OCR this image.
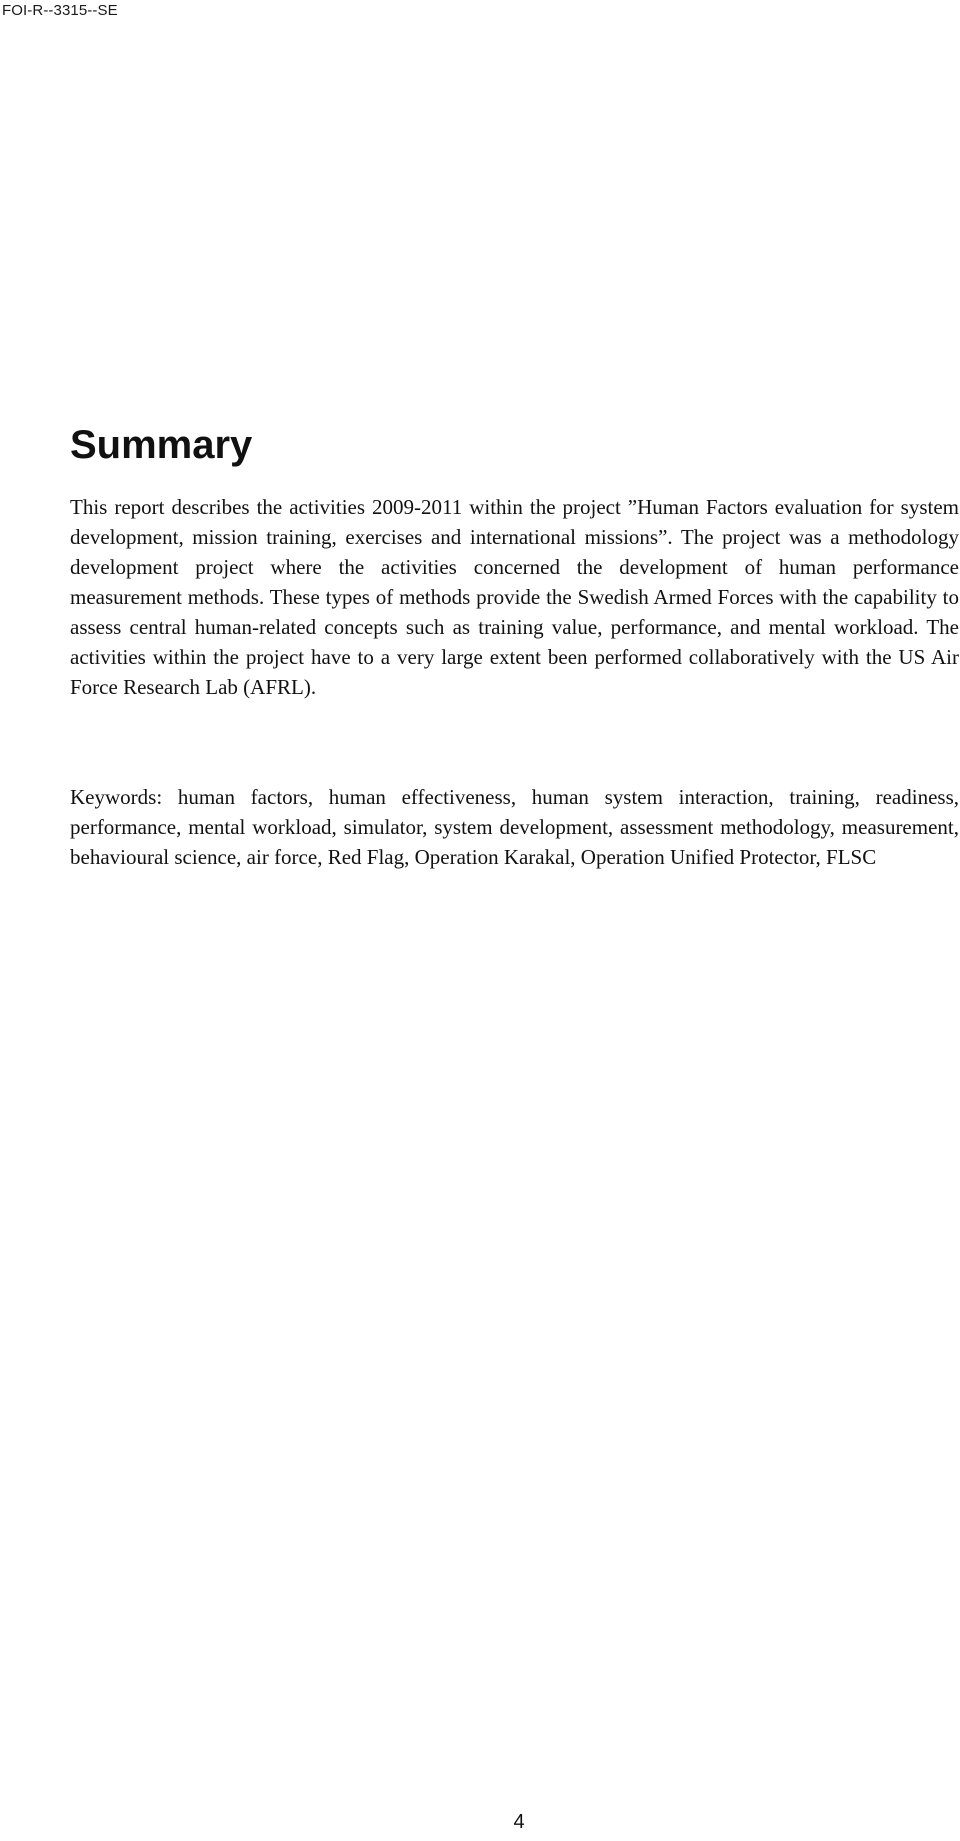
FOI-R--3315--SE
Summary

This report describes the activities 2009-2011 within the project ”Human Factors evaluation for system development, mission training, exercises and international missions”. The project was a methodology development project where the activities concerned the development of human performance measurement methods. These types of methods provide the Swedish Armed Forces with the capability to assess central human-related concepts such as training value, performance, and mental workload. The activities within the project have to a very large extent been performed collaboratively with the US Air Force Research Lab (AFRL).

Keywords: human factors, human effectiveness, human system interaction, training, readiness, performance, mental workload, simulator, system development, assessment methodology, measurement, behavioural science, air force, Red Flag, Operation Karakal, Operation Unified Protector, FLSC

4
